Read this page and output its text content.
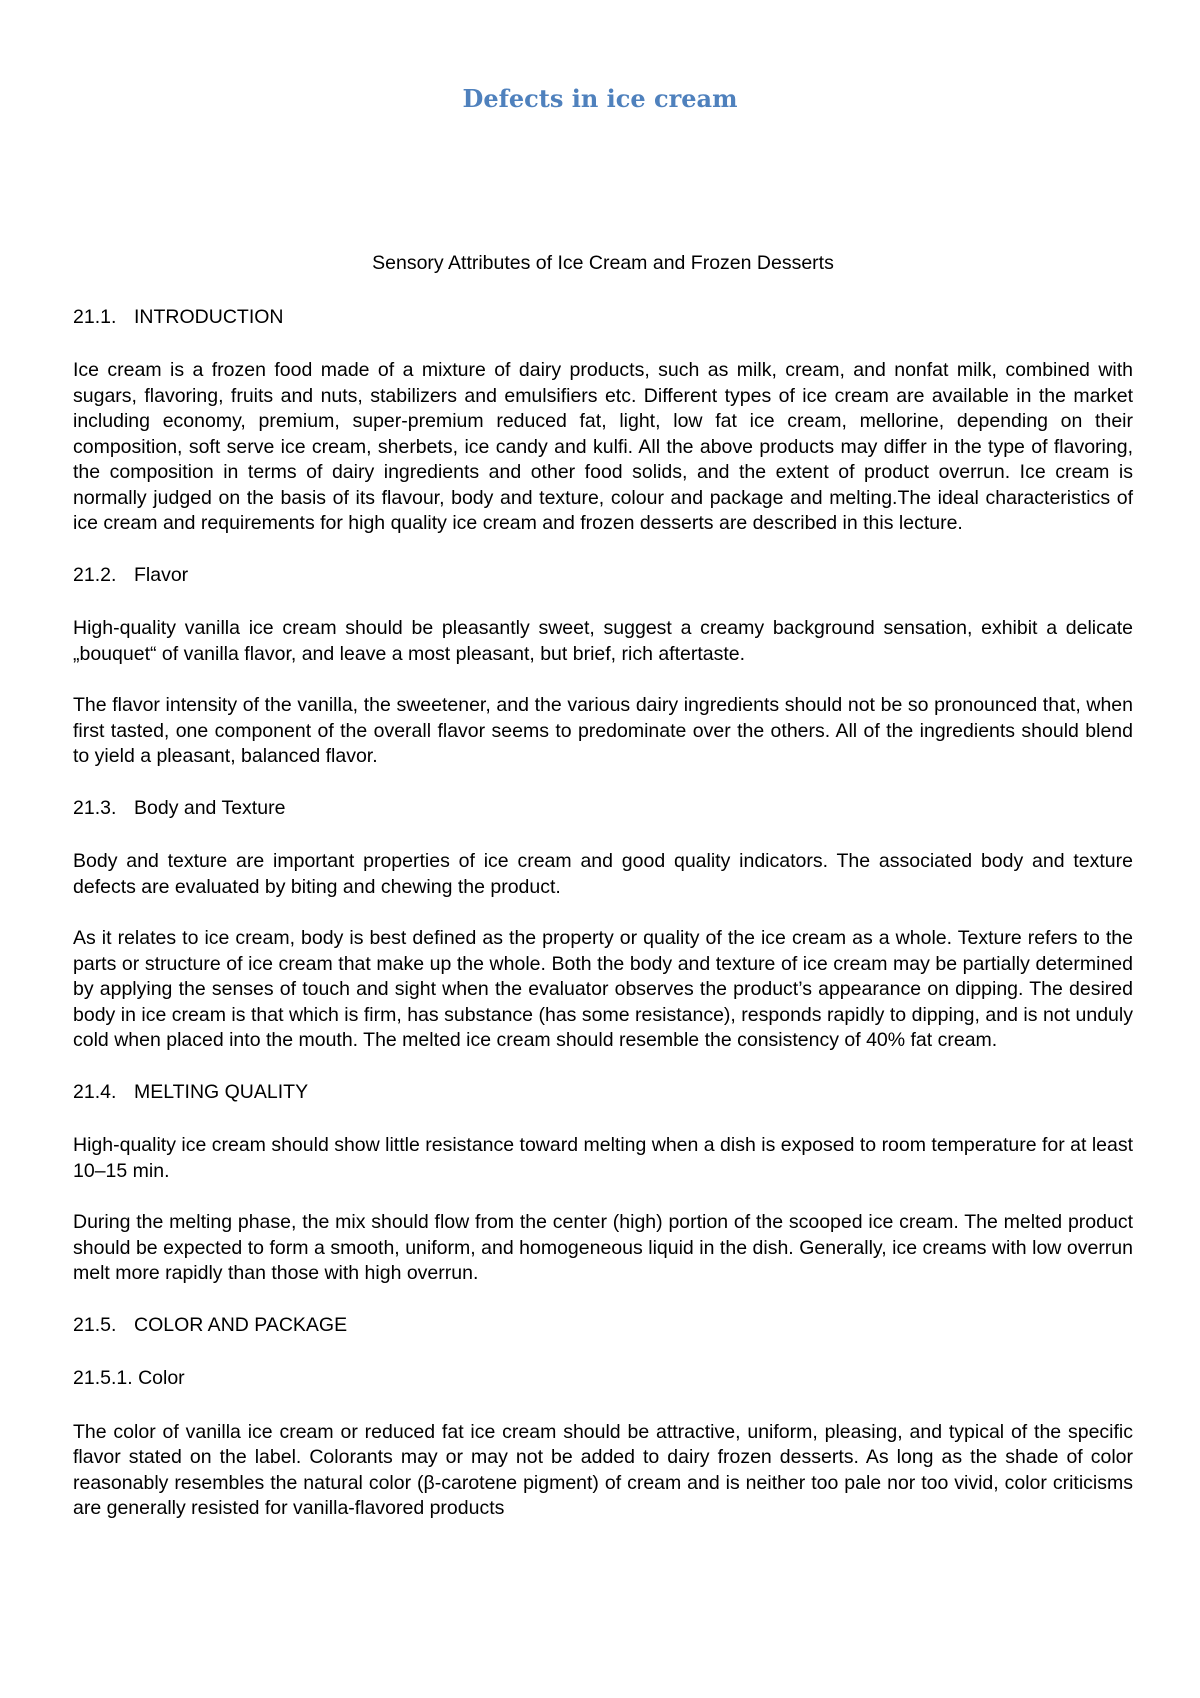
Defects in ice cream

Sensory Attributes of Ice Cream and Frozen Desserts

21.1. INTRODUCTION

Ice cream is a frozen food made of a mixture of dairy products, such as milk, cream, and nonfat milk, combined with sugars, flavoring, fruits and nuts, stabilizers and emulsifiers etc. Different types of ice cream are available in the market including economy, premium, super-premium reduced fat, light, low fat ice cream, mellorine, depending on their composition, soft serve ice cream, sherbets, ice candy and kulfi. All the above products may differ in the type of flavoring, the composition in terms of dairy ingredients and other food solids, and the extent of product overrun. Ice cream is normally judged on the basis of its flavour, body and texture, colour and package and melting.The ideal characteristics of ice cream and requirements for high quality ice cream and frozen desserts are described in this lecture.

21.2. Flavor

High-quality vanilla ice cream should be pleasantly sweet, suggest a creamy background sensation, exhibit a delicate „bouquet“ of vanilla flavor, and leave a most pleasant, but brief, rich aftertaste.

The flavor intensity of the vanilla, the sweetener, and the various dairy ingredients should not be so pronounced that, when first tasted, one component of the overall flavor seems to predominate over the others. All of the ingredients should blend to yield a pleasant, balanced flavor.

21.3. Body and Texture

Body and texture are important properties of ice cream and good quality indicators. The associated body and texture defects are evaluated by biting and chewing the product.

As it relates to ice cream, body is best defined as the property or quality of the ice cream as a whole. Texture refers to the parts or structure of ice cream that make up the whole. Both the body and texture of ice cream may be partially determined by applying the senses of touch and sight when the evaluator observes the product’s appearance on dipping. The desired body in ice cream is that which is firm, has substance (has some resistance), responds rapidly to dipping, and is not unduly cold when placed into the mouth. The melted ice cream should resemble the consistency of 40% fat cream.

21.4. MELTING QUALITY

High-quality ice cream should show little resistance toward melting when a dish is exposed to room temperature for at least 10–15 min.

During the melting phase, the mix should flow from the center (high) portion of the scooped ice cream. The melted product should be expected to form a smooth, uniform, and homogeneous liquid in the dish. Generally, ice creams with low overrun melt more rapidly than those with high overrun.

21.5. COLOR AND PACKAGE
21.5.1. Color

The color of vanilla ice cream or reduced fat ice cream should be attractive, uniform, pleasing, and typical of the specific flavor stated on the label. Colorants may or may not be added to dairy frozen desserts. As long as the shade of color reasonably resembles the natural color (β-carotene pigment) of cream and is neither too pale nor too vivid, color criticisms are generally resisted for vanilla-flavored products
